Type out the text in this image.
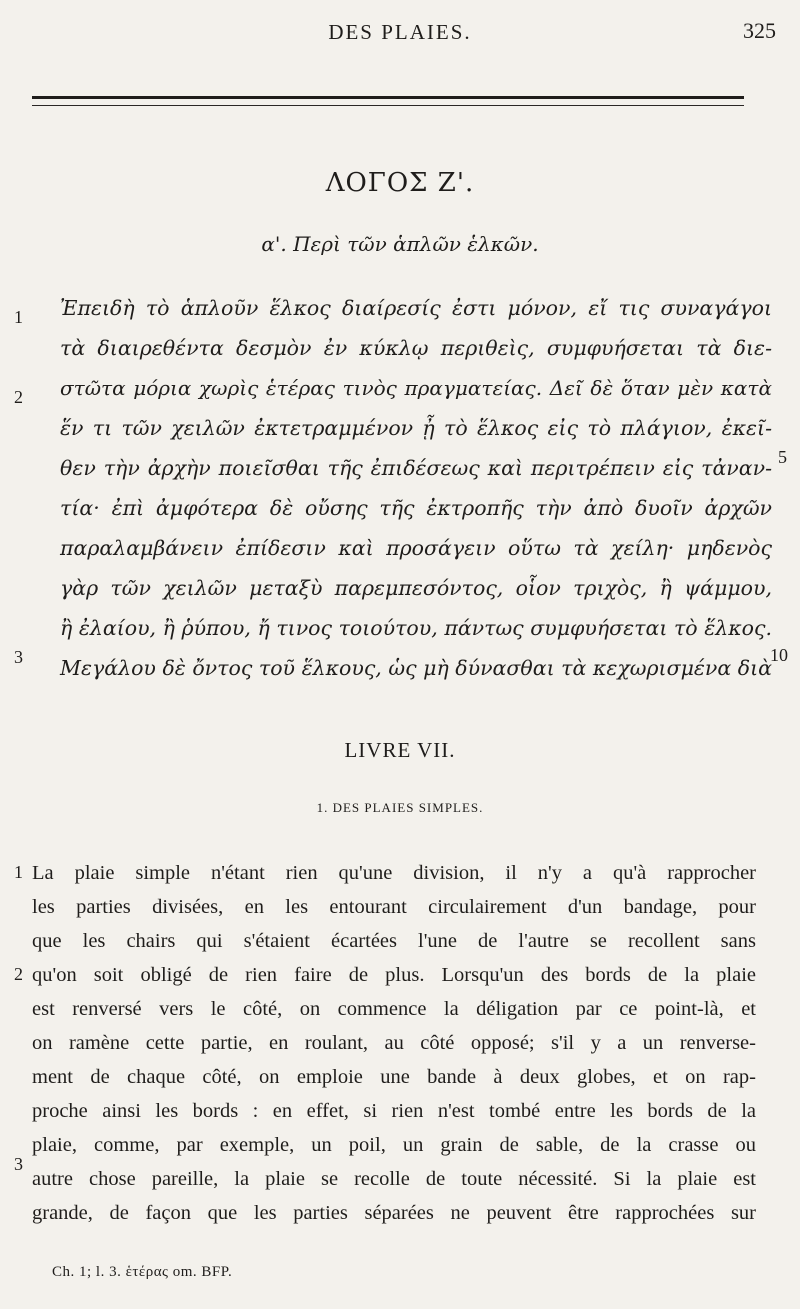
DES PLAIES.	325
ΛΟΓΟΣ Ζ'.
α'. Περὶ τῶν ἁπλῶν ἑλκῶν.
Ἐπειδὴ τὸ ἁπλοῦν ἕλκος διαίρεσίς ἐστι μόνον, εἴ τις συναγάγοι
τὰ διαιρεθέντα δεσμὸν ἐν κύκλῳ περιθεὶς, συμφυήσεται τὰ διε-
στῶτα μόρια χωρὶς ἑτέρας τινὸς πραγματείας. Δεῖ δὲ ὅταν μὲν κατὰ
ἕν τι τῶν χειλῶν ἐκτετραμμένον ᾖ τὸ ἕλκος εἰς τὸ πλάγιον, ἐκεῖ-
θεν τὴν ἀρχὴν ποιεῖσθαι τῆς ἐπιδέσεως καὶ περιτρέπειν εἰς τἀναν-
τία· ἐπὶ ἀμφότερα δὲ οὔσης τῆς ἐκτροπῆς τὴν ἀπὸ δυοῖν ἀρχῶν
παραλαμβάνειν ἐπίδεσιν καὶ προσάγειν οὕτω τὰ χείλη· μηδενὸς
γὰρ τῶν χειλῶν μεταξὺ παρεμπεσόντος, οἷον τριχὸς, ἢ ψάμμου,
ἢ ἐλαίου, ἢ ῥύπου, ἤ τινος τοιούτου, πάντως συμφυήσεται τὸ ἕλκος.
Μεγάλου δὲ ὄντος τοῦ ἕλκους, ὡς μὴ δύνασθαι τὰ κεχωρισμένα διὰ
1
2
3
5
10
LIVRE VII.
1. DES PLAIES SIMPLES.
La plaie simple n'étant rien qu'une division, il n'y a qu'à rapprocher
les parties divisées, en les entourant circulairement d'un bandage, pour
que les chairs qui s'étaient écartées l'une de l'autre se recollent sans
qu'on soit obligé de rien faire de plus. Lorsqu'un des bords de la plaie
est renversé vers le côté, on commence la déligation par ce point-là, et
on ramène cette partie, en roulant, au côté opposé; s'il y a un renverse-
ment de chaque côté, on emploie une bande à deux globes, et on rap-
proche ainsi les bords : en effet, si rien n'est tombé entre les bords de la
plaie, comme, par exemple, un poil, un grain de sable, de la crasse ou
autre chose pareille, la plaie se recolle de toute nécessité. Si la plaie est
grande, de façon que les parties séparées ne peuvent être rapprochées sur
1
2
3
Ch. 1; l. 3. ἑτέρας om. BFP.
